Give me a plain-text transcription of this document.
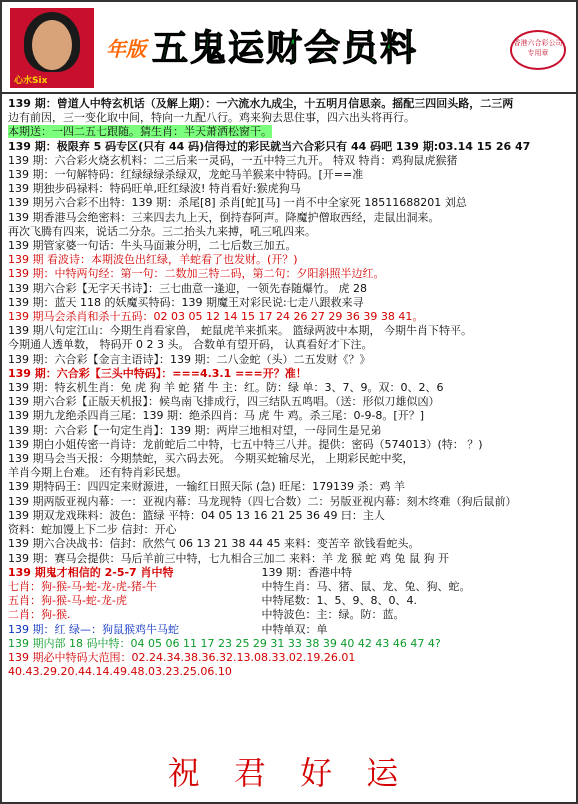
心水Six
年版 五鬼运财会员料	香港六合彩公司专用章
139 期：曾道人中特玄机话（及解上期）：一六流水九成尘，十五明月信思亲。摇配三四回头路，二三两
边有前因，三一变化取中间，特向一九配八行。鸡来狗去思住事，四六出头将再行。
本期送：一四二五七跟随。猜生肖：半天萧洒松窗干。
139 期：极限弃 5 码专区(只有 44 码)信得过的彩民就当六合彩只有 44 码吧 139 期:03.14 15 26 47
139 期：六合彩火烧玄机料：二三后来一灵码，一五中特三九开。 特双 特肖：鸡狗鼠虎猴猪
139 期：一句解特码：红绿绿绿杀绿双，龙蛇马羊猴来中特码。[开==准
139 期独步码禄料：特码旺单,旺红绿波! 特肖看好:猴虎狗马
139 期另六合彩不出特：139 期：杀尾[8] 杀肖[蛇][马] 一肖不中全家死 18511688201 刘总
139 期香港马会绝密料：三来四去九上天，倒持春阿声。降魔护僧取西经，走鼠出洞来。
再次飞腾有四来，说话二分杂。三二抬头九来搏，吼三吼四来。
139 期管家婆一句话：牛头马面兼分明，二七后数三加五。
139 期 看波诗：本期波色出红绿，羊蛇看了也发财。(开？)
139 期：中特两句经：第一句：二数加三特二码，第二句：夕阳斜照半边红。
139 期六合彩【无字天书诗】：三七曲意一逢迎，一领先春随爆竹。 虎 28
139 期：蓝天 118 的妖魔买特码：139 期魔王对彩民说:七走八跟救来寻
139 期马会杀肖和杀十五码：02 03 05 12 14 15 17 24 26 27 29 36 39 38 41。
139 期八句定江山：今期生肖看家兽， 蛇鼠虎羊来抓来。 篮绿两波中本期， 今期牛肖下特平。
今期通人透单数， 特码开 0 2 3 头。 合数单有望开码， 认真看好才下注。
139 期：六合彩【金言主语诗】：139 期：二八金蛇（头）二五发财《？》
139 期：六合彩【三头中特码】：===4.3.1 ===开？准！
139 期：特玄机生肖：免 虎 狗 羊 蛇 猪 牛 主：红。防：绿 单：3、7、9。双：0、2、6
139 期六合彩【正版天机报】：候鸟南飞排成行，四三结队五鸣唱。（送：形似刀雄似凶）
139 期九龙绝杀四肖三尾：139 期：绝杀四肖：马 虎 牛 鸡。杀三尾：0-9-8。[开？]
139 期：六合彩【一句定生肖】：139 期：两岸三地相对望，一母同生是兄弟
139 期白小姐传密一肖诗：龙前蛇后二中特，七五中特三八并。提供：密码（574013）(特： ？)
139 期马会当天报：今期禁蛇，买六码去死。 今期买蛇输尽光， 上期彩民蛇中奖，
羊肖今期上台难。 还有特肖彩民想。
139 期特码王：四四定来财源进，一输红日照天际 (急) 旺尾：179139 杀：鸡 羊
139 期两版亚视内幕：一：亚视内幕：马龙现特（四七合数）二：另版亚视内幕：刻木终难（狗后鼠前）
139 期双龙戏珠料：波色：篮绿 平特：04 05 13 16 21 25 36 49 曰：主人
资料：蛇加馒上下二步 信封：开心
139 期六合决战书：信封：欣然气 06 13 21 38 44 45 来料：变苦辛 欲钱看蛇头。
139 期：赛马会提供：马后羊前三中特，七九相合三加二 来料：羊 龙 猴 蛇 鸡 兔 鼠 狗 开
139 期鬼才相信的 2-5-7 肖中特
七肖：狗-猴-马-蛇-龙-虎-猪-牛
五肖：狗-猴-马-蛇-龙-虎
二肖：狗-猴.
139 期：红 绿—：狗鼠猴鸡牛马蛇

139 期：香港中特
中特生肖：马、猪、鼠、龙、兔、狗、蛇。
中特尾数：1、5、9、8、0、4.
中特波色：主：绿。防：蓝。
中特单双：单
139 期内部 18 码中特：04 05 06 11 17 23 25 29 31 33 38 39 40 42 43 46 47 4?
139 期必中特码大范围：02.24.34.38.36.32.13.08.33.02.19.26.01
40.43.29.20.44.14.49.48.03.23.25.06.10
祝 君 好 运
